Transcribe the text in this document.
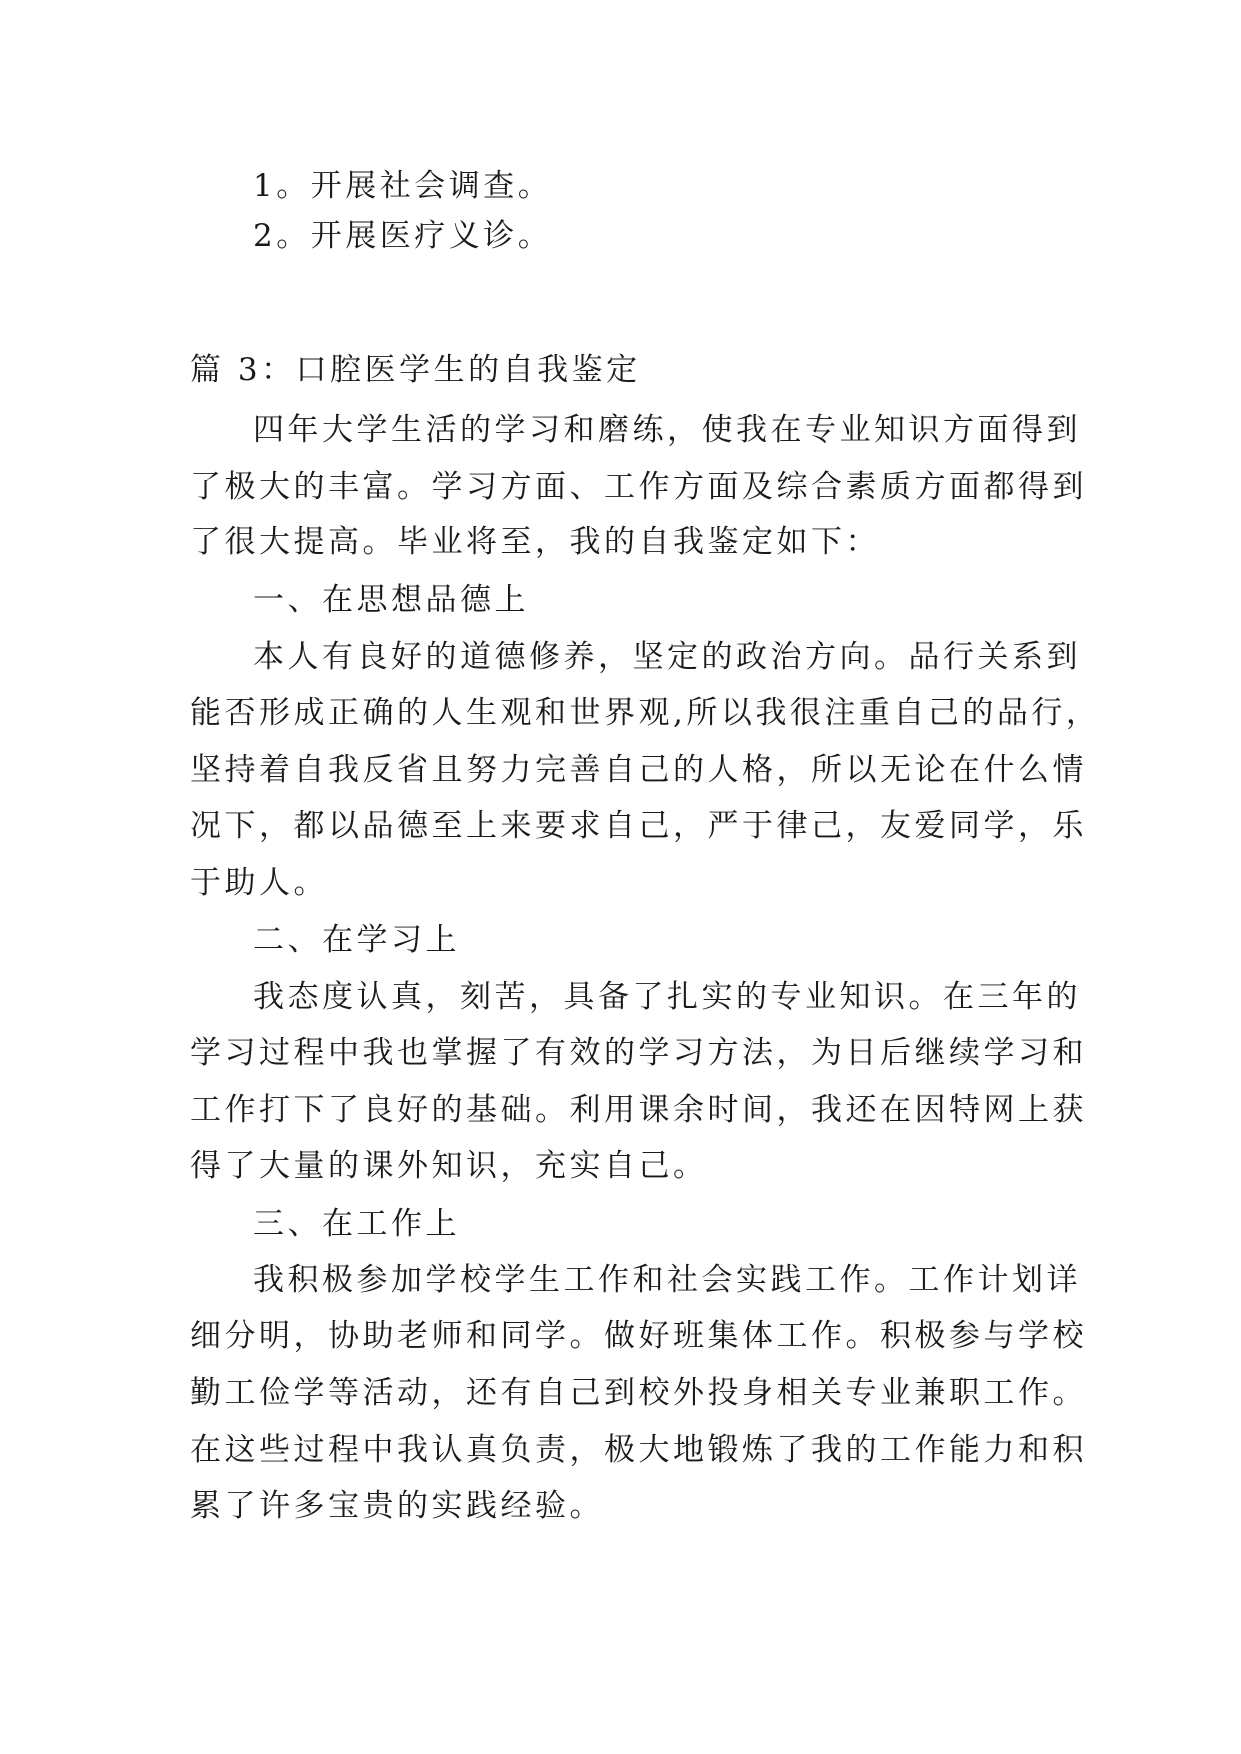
1。开展社会调查。
2。开展医疗义诊。
篇 3：口腔医学生的自我鉴定
四年大学生活的学习和磨练，使我在专业知识方面得到
了极大的丰富。学习方面、工作方面及综合素质方面都得到
了很大提高。毕业将至，我的自我鉴定如下：
一、在思想品德上
本人有良好的道德修养，坚定的政治方向。品行关系到
能否形成正确的人生观和世界观,所以我很注重自己的品行，
坚持着自我反省且努力完善自己的人格，所以无论在什么情
况下，都以品德至上来要求自己，严于律己，友爱同学，乐
于助人。
二、在学习上
我态度认真，刻苦，具备了扎实的专业知识。在三年的
学习过程中我也掌握了有效的学习方法，为日后继续学习和
工作打下了良好的基础。利用课余时间，我还在因特网上获
得了大量的课外知识，充实自己。
三、在工作上
我积极参加学校学生工作和社会实践工作。工作计划详
细分明，协助老师和同学。做好班集体工作。积极参与学校
勤工俭学等活动，还有自己到校外投身相关专业兼职工作。
在这些过程中我认真负责，极大地锻炼了我的工作能力和积
累了许多宝贵的实践经验。
